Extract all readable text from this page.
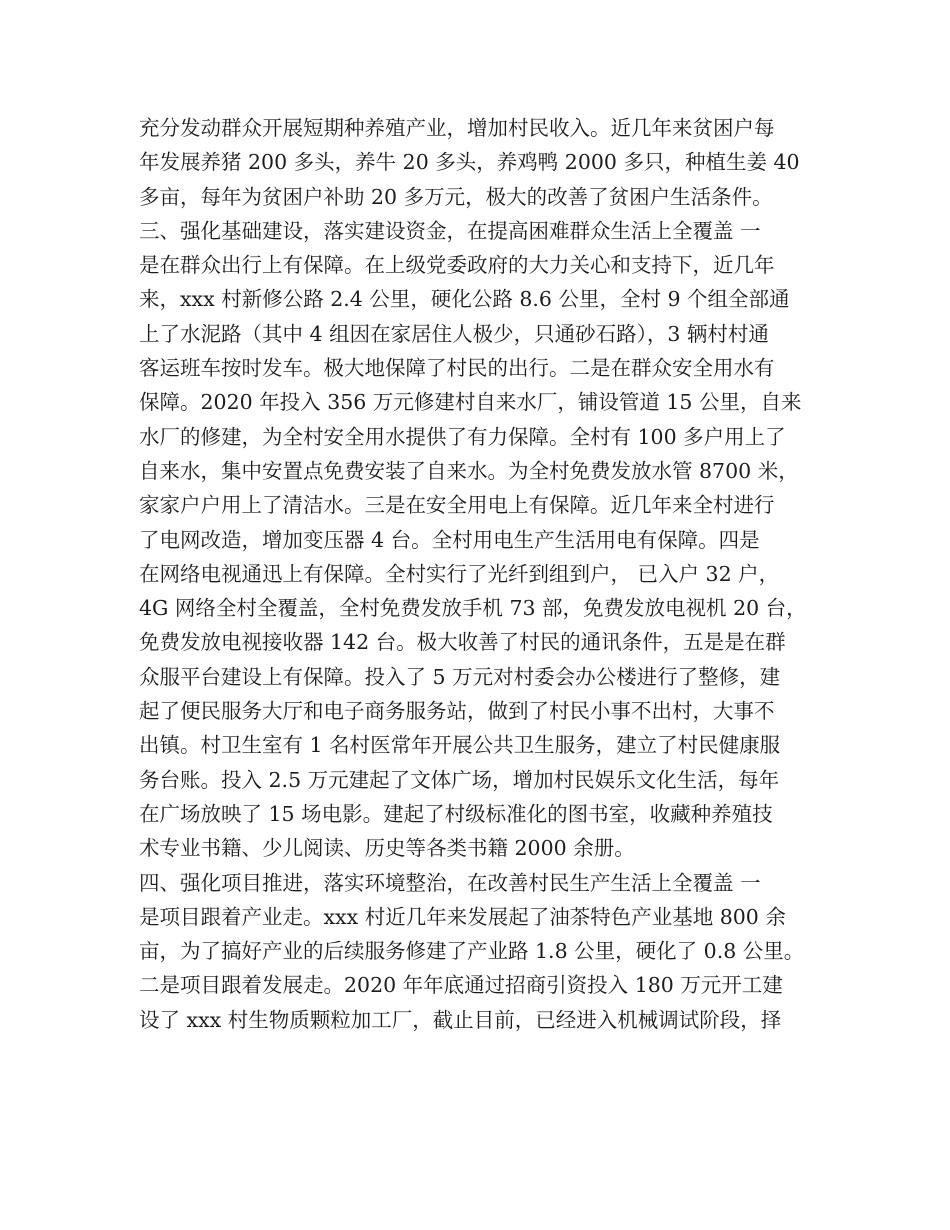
充分发动群众开展短期种养殖产业，增加村民收入。近几年来贫困户每
年发展养猪 200 多头，养牛 20 多头，养鸡鸭 2000 多只，种植生姜 40
多亩，每年为贫困户补助 20 多万元，极大的改善了贫困户生活条件。
三、强化基础建设，落实建设资金，在提高困难群众生活上全覆盖 一
是在群众出行上有保障。在上级党委政府的大力关心和支持下，近几年
来，xxx 村新修公路 2.4 公里，硬化公路 8.6 公里，全村 9 个组全部通
上了水泥路（其中 4 组因在家居住人极少，只通砂石路），3 辆村村通
客运班车按时发车。极大地保障了村民的出行。二是在群众安全用水有
保障。2020 年投入 356 万元修建村自来水厂，铺设管道 15 公里，自来
水厂的修建，为全村安全用水提供了有力保障。全村有 100 多户用上了
自来水，集中安置点免费安装了自来水。为全村免费发放水管 8700 米，
家家户户用上了清洁水。三是在安全用电上有保障。近几年来全村进行
了电网改造，增加变压器 4 台。全村用电生产生活用电有保障。四是
在网络电视通迅上有保障。全村实行了光纤到组到户， 已入户 32 户，
4G 网络全村全覆盖，全村免费发放手机 73 部，免费发放电视机 20 台，
免费发放电视接收器 142 台。极大收善了村民的通讯条件，五是是在群
众服平台建设上有保障。投入了 5 万元对村委会办公楼进行了整修，建
起了便民服务大厅和电子商务服务站，做到了村民小事不出村，大事不
出镇。村卫生室有 1 名村医常年开展公共卫生服务，建立了村民健康服
务台账。投入 2.5 万元建起了文体广场，增加村民娱乐文化生活，每年
在广场放映了 15 场电影。建起了村级标准化的图书室，收藏种养殖技
术专业书籍、少儿阅读、历史等各类书籍 2000 余册。
四、强化项目推进，落实环境整治，在改善村民生产生活上全覆盖 一
是项目跟着产业走。xxx 村近几年来发展起了油茶特色产业基地 800 余
亩，为了搞好产业的后续服务修建了产业路 1.8 公里，硬化了 0.8 公里。
二是项目跟着发展走。2020 年年底通过招商引资投入 180 万元开工建
设了 xxx 村生物质颗粒加工厂，截止目前，已经进入机械调试阶段，择
